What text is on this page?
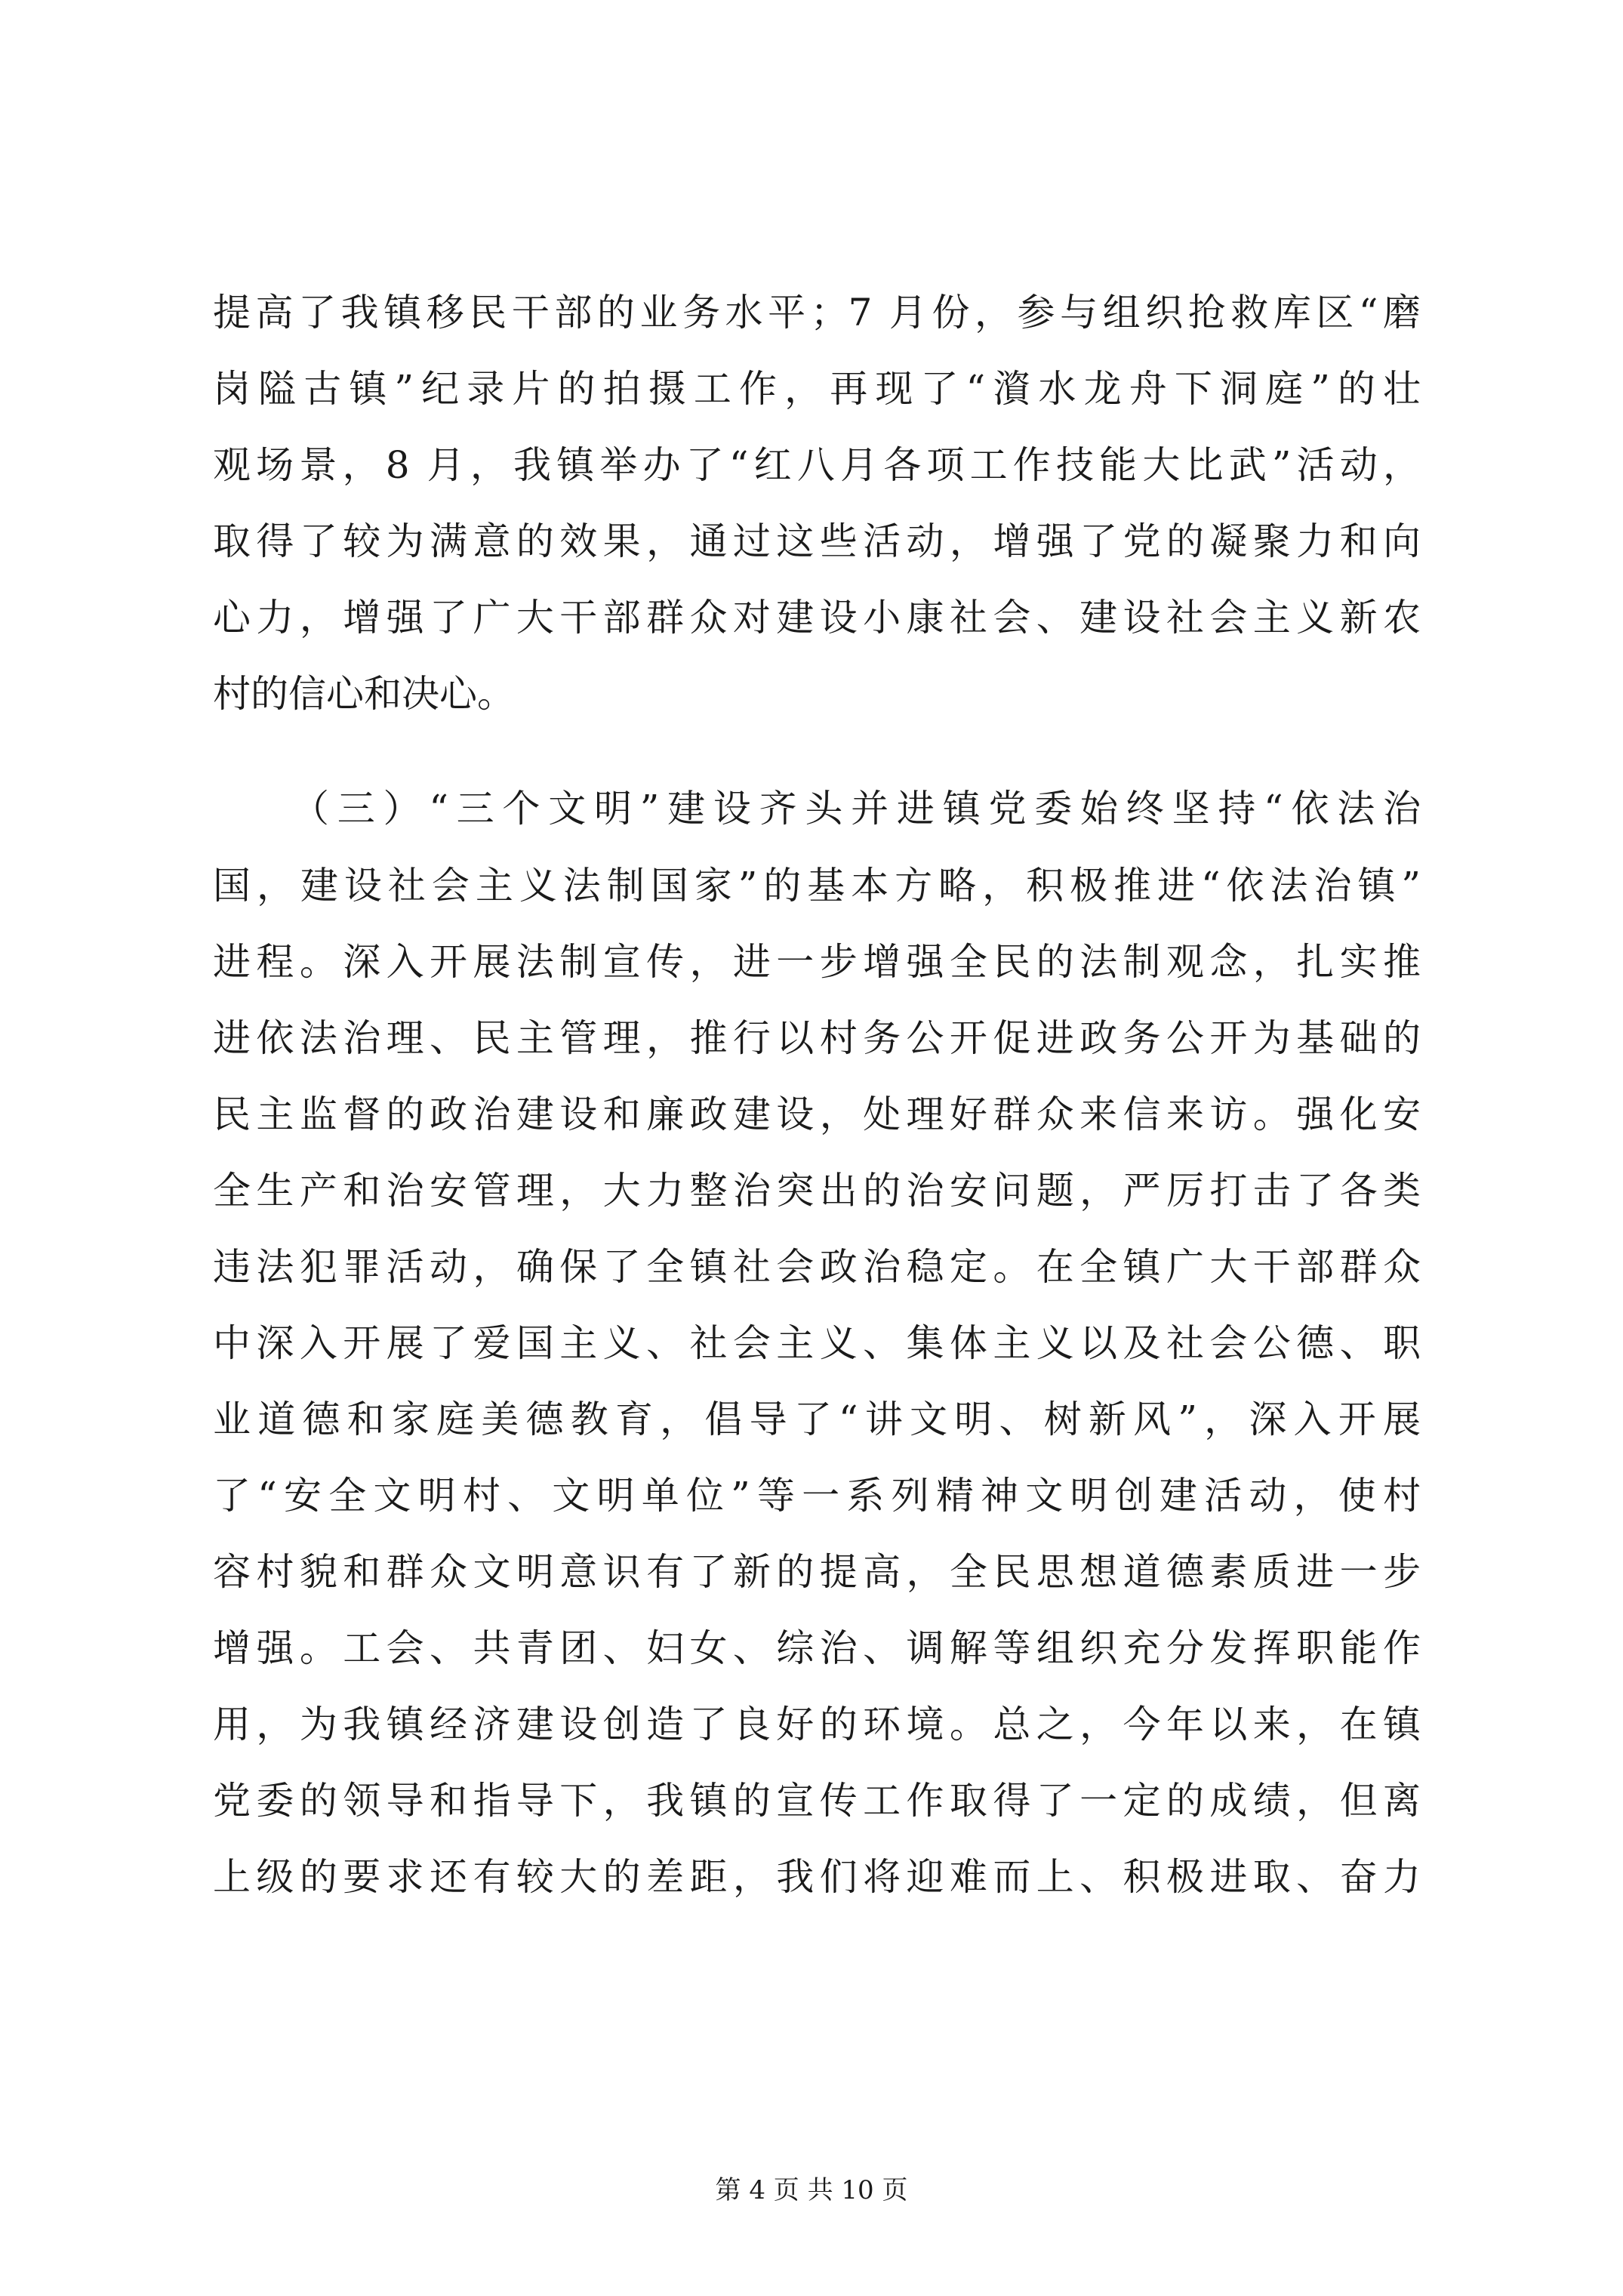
提高了我镇移民干部的业务水平；7 月份，参与组织抢救库区“磨
岗隘古镇”纪录片的拍摄工作，再现了“澬水龙舟下洞庭”的壮
观场景，8 月，我镇举办了“红八月各项工作技能大比武”活动，
取得了较为满意的效果，通过这些活动，增强了党的凝聚力和向
心力，增强了广大干部群众对建设小康社会、建设社会主义新农
村的信心和决心。
（三）“三个文明”建设齐头并进镇党委始终坚持“依法治
国，建设社会主义法制国家”的基本方略，积极推进“依法治镇”
进程。深入开展法制宣传，进一步增强全民的法制观念，扎实推
进依法治理、民主管理，推行以村务公开促进政务公开为基础的
民主监督的政治建设和廉政建设，处理好群众来信来访。强化安
全生产和治安管理，大力整治突出的治安问题，严厉打击了各类
违法犯罪活动，确保了全镇社会政治稳定。在全镇广大干部群众
中深入开展了爱国主义、社会主义、集体主义以及社会公德、职
业道德和家庭美德教育，倡导了“讲文明、树新风”，深入开展
了“安全文明村、文明单位”等一系列精神文明创建活动，使村
容村貌和群众文明意识有了新的提高，全民思想道德素质进一步
增强。工会、共青团、妇女、综治、调解等组织充分发挥职能作
用，为我镇经济建设创造了良好的环境。总之，今年以来，在镇
党委的领导和指导下，我镇的宣传工作取得了一定的成绩，但离
上级的要求还有较大的差距，我们将迎难而上、积极进取、奋力
第 4 页 共 10 页
